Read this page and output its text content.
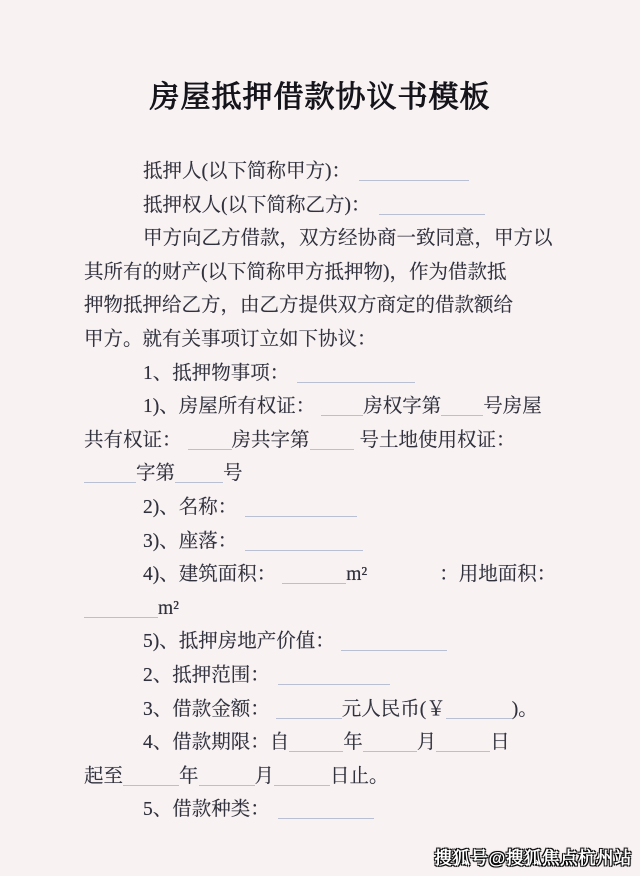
房屋抵押借款协议书模板
抵押人(以下简称甲方)：
抵押权人(以下简称乙方)：
甲方向乙方借款，双方经协商一致同意，甲方以
其所有的财产(以下简称甲方抵押物)，作为借款抵
押物抵押给乙方，由乙方提供双方商定的借款额给
甲方。就有关事项订立如下协议：
1、抵押物事项：
1)、房屋所有权证： 房权字第 号房屋
共有权证：	房共字第	号土地使用权证：
字第 号
2)、名称：
3)、座落：
4)、建筑面积：	m²	：用地面积：
m²
5)、抵押房地产价值：
2、抵押范围：
3、借款金额：	元人民币(￥	)。
4、借款期限：自	年	月	日
起至	年	月	日止。
5、借款种类：
搜狐号@搜狐焦点杭州站
